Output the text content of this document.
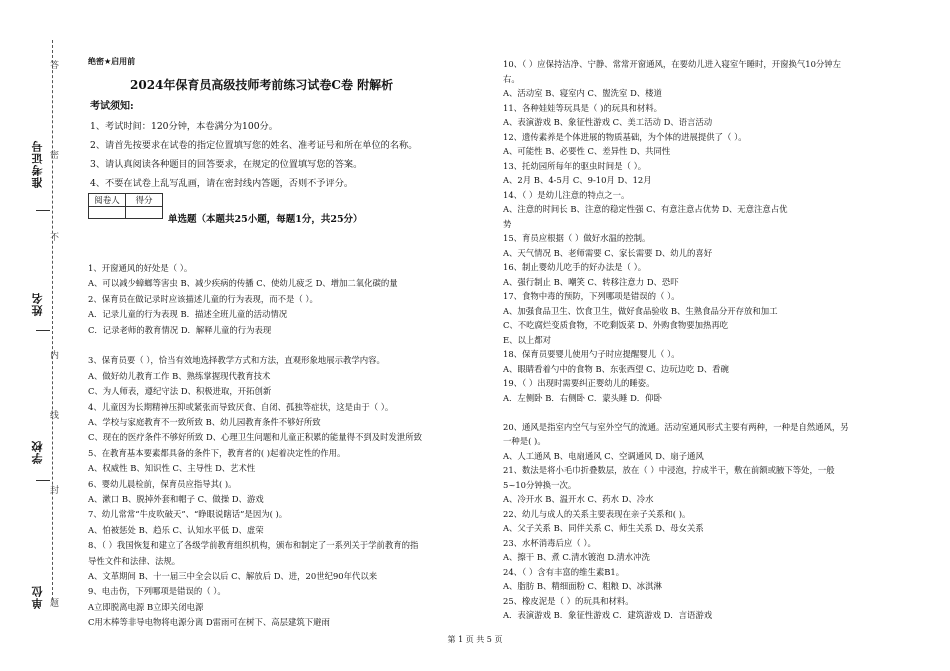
准考证号
姓名
学校
单位
答
密
不
内
线
封
题
绝密★启用前
2024年保育员高级技师考前练习试卷C卷 附解析
考试须知:
1、考试时间：120分钟，本卷满分为100分。
2、请首先按要求在试卷的指定位置填写您的姓名、准考证号和所在单位的名称。
3、请认真阅读各种题目的回答要求，在规定的位置填写您的答案。
4、不要在试卷上乱写乱画，请在密封线内答题，否则不予评分。
阅卷人	得分

单选题（本题共25小题，每题1分，共25分）
1、开窗通风的好处是（ ）。
A、可以减少蟑螂等害虫 B、减少疾病的传播 C、使幼儿疲乏 D、增加二氧化碳的量
2、保育员在做记录时应该描述儿童的行为表现，而不是（ ）。
A．记录儿童的行为表现 B．描述全班儿童的活动情况
C．记录老师的教育情况 D．解释儿童的行为表现
3、保育员要（ ），恰当有效地选择教学方式和方法，直观形象地展示教学内容。
A、做好幼儿教育工作 B、熟练掌握现代教育技术
C、为人师表，遵纪守法 D、积极进取，开拓创新
4、儿童因为长期精神压抑或紧张而导致厌食、自闭、孤独等症状，这是由于（ ）。
A、学校与家庭教育不一致所致 B、幼儿园教育条件不够好所致
C、现在的医疗条件不够好所致 D、心理卫生问题和儿童正积累的能量得不到及时发泄所致
5、在教育基本要素都具备的条件下，教育者的( )起着决定性的作用。
A、权威性 B、知识性 C、主导性 D、艺术性
6、婴幼儿晨检前，保育员应指导其( )。
A、漱口 B、脱掉外套和帽子 C、做操 D、游戏
7、幼儿常常“牛皮吹破天”、“睁眼说瞎话”是因为( )。
A、怕被惩处 B、趋乐 C、认知水平低 D、虚荣
8、（ ）我国恢复和建立了各级学前教育组织机构，颁布和制定了一系列关于学前教育的指
导性文件和法律、法规。
A、文革期间 B、十一届三中全会以后 C、解放后 D、进，20世纪90年代以来
9、电击伤，下列哪项是错误的（ ）。
A立即脱离电源 B立即关闭电源
C用木棒等非导电物将电源分离 D雷雨可在树下、高层建筑下避雨
10、（ ）应保持洁净、宁静、常常开窗通风，在要幼儿进入寝室午睡时，开窗换气10分钟左
右。
A、活动室 B、寝室内 C、盥洗室 D、楼道
11、各种娃娃等玩具是（ )的玩具和材料。
A、表演游戏 B、象征性游戏 C、美工活动 D、语言活动
12、遗传素养是个体进展的物质基础，为个体的进展提供了（ ）。
A、可能性 B、必要性 C、差异性 D、共同性
13、托幼园所每年的驱虫时间是（ ）。
A、2月 B、4-5月 C、9-10月 D、12月
14、（ ）是幼儿注意的特点之一。
A、注意的时间长 B、注意的稳定性强 C、有意注意占优势 D、无意注意占优
势
15、育员应根据（ ）做好水温的控制。
A、天气情况 B、老师需要 C、家长需要 D、幼儿的喜好
16、制止婴幼儿吃手的好办法是（ ）。
A、强行制止 B、嘲笑 C、转移注意力 D、恐吓
17、食物中毒的预防，下列哪项是错误的（ ）。
A、加强食品卫生、饮食卫生，做好食品验收 B、生熟食品分开存放和加工
C、不吃腐烂变质食物，不吃剩饭菜 D、外购食物要加热再吃
E、以上都对
18、保育员要婴儿使用勺子时应提醒婴儿（ ）。
A、眼睛看着勺中的食物 B、东张西望 C、边玩边吃 D、看碗
19、（ ）出现时需要纠正婴幼儿的睡姿。
A．左侧卧 B．右侧卧 C．蒙头睡 D．仰卧
20、通风是指室内空气与室外空气的流通。活动室通风形式主要有两种，一种是自然通风，另
一种是( )。
A、人工通风 B、电扇通风 C、空调通风 D、扇子通风
21、数法是将小毛巾折叠数层，放在（ ）中浸泡，拧成半干，敷在前额或腋下等处，一般
5~10分钟换一次。
A、冷开水 B、温开水 C、药水 D、冷水
22、幼儿与成人的关系主要表现在亲子关系和( )。
A、父子关系 B、同伴关系 C、师生关系 D、母女关系
23、水杯消毒后应（ ）。
A、擦干 B、煮 C.清水镀泡 D.清水冲洗
24、（ ）含有丰富的维生素B1。
A、脂肪 B、精细面粉 C、粗粮 D、冰淇淋
25、橡皮泥是（ ）的玩具和材料。
A．表演游戏 B．象征性游戏 C．建筑游戏 D．言语游戏
第 1 页 共 5 页
